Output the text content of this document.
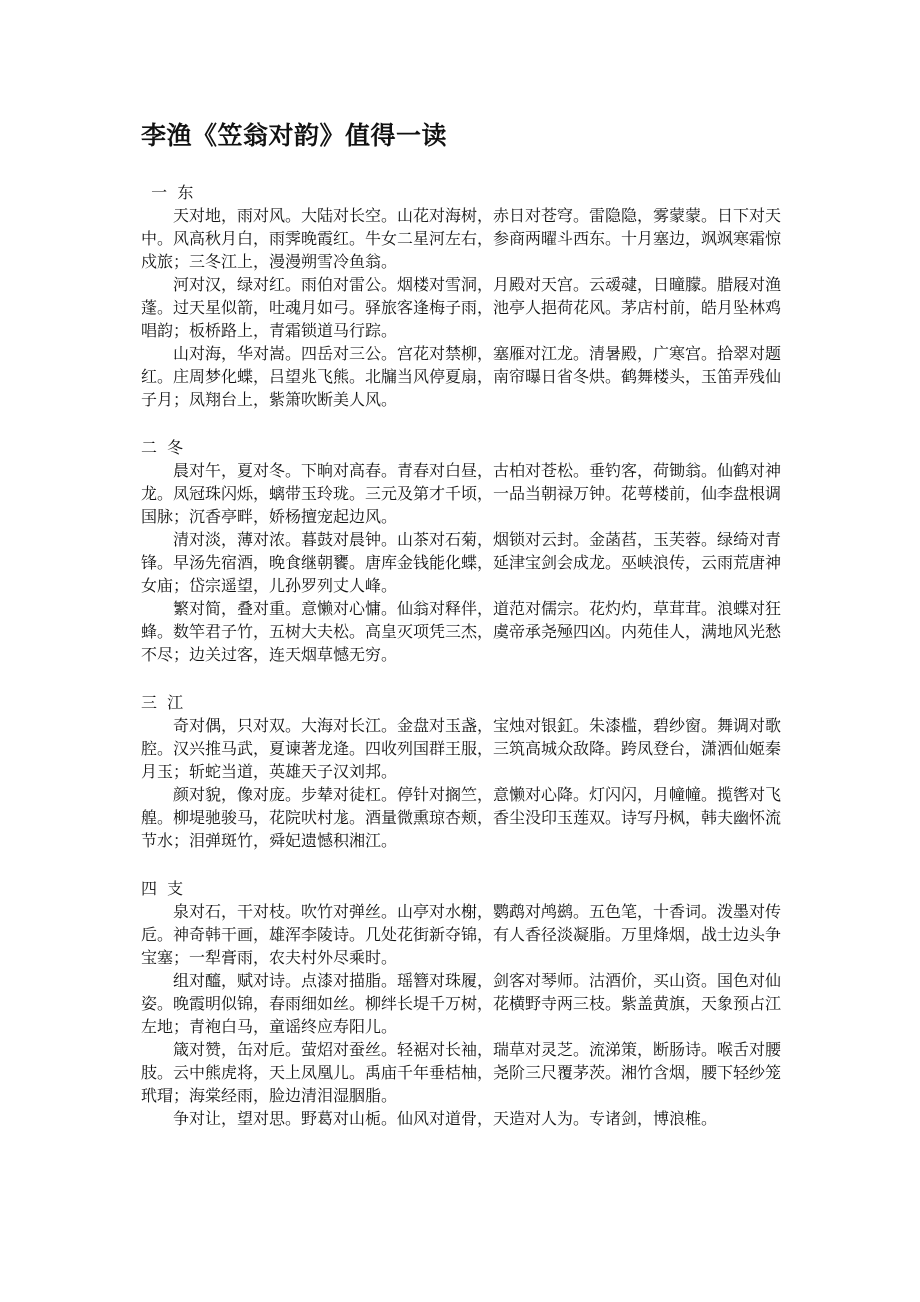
李渔《笠翁对韵》值得一读
一  东

天对地，雨对风。大陆对长空。山花对海树，赤日对苍穹。雷隐隐，雾蒙蒙。日下对天中。风高秋月白，雨霁晚霞红。牛女二星河左右，参商两曜斗西东。十月塞边，飒飒寒霜惊戍旅；三冬江上，漫漫朔雪冷鱼翁。

河对汉，绿对红。雨伯对雷公。烟楼对雪洞，月殿对天宫。云叆叇，日曈朦。腊屐对渔蓬。过天星似箭，吐魂月如弓。驿旅客逢梅子雨，池亭人挹荷花风。茅店村前，皓月坠林鸡唱韵；板桥路上，青霜锁道马行踪。

山对海，华对嵩。四岳对三公。宫花对禁柳，塞雁对江龙。清暑殿，广寒宫。拾翠对题红。庄周梦化蝶，吕望兆飞熊。北牖当风停夏扇，南帘曝日省冬烘。鹤舞楼头，玉笛弄残仙子月；凤翔台上，紫箫吹断美人风。

二  冬

晨对午，夏对冬。下晌对高春。青春对白昼，古柏对苍松。垂钓客，荷锄翁。仙鹤对神龙。凤冠珠闪烁，螭带玉玲珑。三元及第才千顷，一品当朝禄万钟。花萼楼前，仙李盘根调国脉；沉香亭畔，娇杨擅宠起边风。

清对淡，薄对浓。暮鼓对晨钟。山茶对石菊，烟锁对云封。金菡萏，玉芙蓉。绿绮对青锋。早汤先宿酒，晚食继朝饔。唐库金钱能化蝶，延津宝剑会成龙。巫峡浪传，云雨荒唐神女庙；岱宗遥望，儿孙罗列丈人峰。

繁对简，叠对重。意懒对心慵。仙翁对释伴，道范对儒宗。花灼灼，草茸茸。浪蝶对狂蜂。数竿君子竹，五树大夫松。高皇灭项凭三杰，虞帝承尧殛四凶。内苑佳人，满地风光愁不尽；边关过客，连天烟草憾无穷。

三  江

奇对偶，只对双。大海对长江。金盘对玉盏，宝烛对银釭。朱漆槛，碧纱窗。舞调对歌腔。汉兴推马武，夏谏著龙逄。四收列国群王服，三筑高城众敌降。跨凤登台，潇洒仙姬秦月玉；斩蛇当道，英雄天子汉刘邦。

颜对貌，像对庞。步辇对徒杠。停针对搁竺，意懒对心降。灯闪闪，月幢幢。揽辔对飞艎。柳堤驰骏马，花院吠村尨。酒量微熏琼杏颊，香尘没印玉莲双。诗写丹枫，韩夫幽怀流节水；泪弹斑竹，舜妃遗憾积湘江。

四  支

泉对石，干对枝。吹竹对弹丝。山亭对水榭，鹦鹉对鸬鹚。五色笔，十香词。泼墨对传卮。神奇韩干画，雄浑李陵诗。几处花街新夺锦，有人香径淡凝脂。万里烽烟，战士边头争宝塞；一犁膏雨，农夫村外尽乘时。

组对醯，赋对诗。点漆对描脂。瑶簪对珠履，剑客对琴师。沽酒价，买山资。国色对仙姿。晚霞明似锦，春雨细如丝。柳绊长堤千万树，花横野寺两三枝。紫盖黄旗，天象预占江左地；青袍白马，童谣终应寿阳儿。

箴对赞，缶对卮。萤炤对蚕丝。轻裾对长袖，瑞草对灵芝。流涕策，断肠诗。喉舌对腰肢。云中熊虎将，天上凤凰儿。禹庙千年垂桔柚，尧阶三尺覆茅茨。湘竹含烟，腰下轻纱笼玳瑁；海棠经雨，脸边清泪湿胭脂。

争对让，望对思。野葛对山栀。仙风对道骨，天造对人为。专诸剑，博浪椎。
